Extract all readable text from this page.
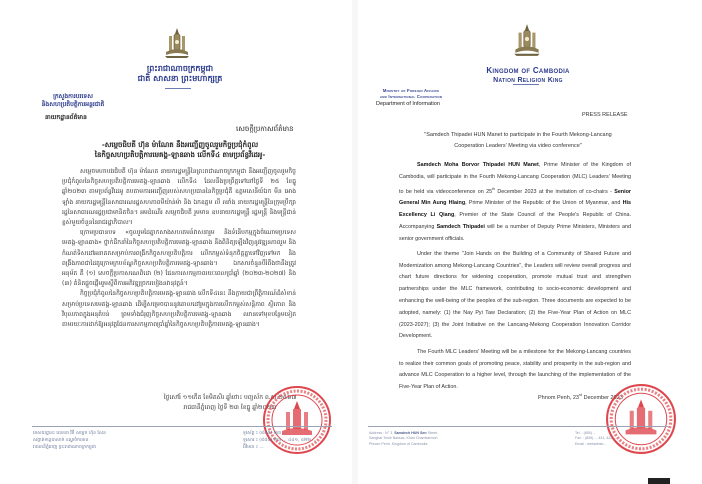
ព្រះរាជាណាចក្រកម្ពុជា
ជាតិ សាសនា ព្រះមហាក្សត្រ
ក្រសួងការបរទេស
និងសហប្រតិបត្តិការអន្តរជាតិ
នាយកដ្ឋានព័ត៌មាន
សេចក្ដីប្រកាសព័ត៌មាន
-សម្ដេចធិបតី ហ៊ុន ម៉ាណែត នឹងអញ្ជើញចូលរួមកិច្ចប្រជុំកំពូល
នៃកិច្ចសហប្រតិបត្តិការមេគង្គ-ឡានឆាង លើកទី៤ តាមប្រព័ន្ធវីដេអូ-

សម្ដេចមហាបវរធិបតី ហ៊ុន ម៉ាណែត នាយករដ្ឋមន្ត្រីនៃព្រះរាជាណាចក្រកម្ពុជា នឹងអញ្ជើញចូលរួមកិច្ចប្រជុំកំពូលនៃកិច្ចសហប្រតិបត្តិការមេគង្គ-ឡានឆាង លើកទី៤ ដែលនឹងប្រព្រឹត្តទៅនៅថ្ងៃទី ២៥ ខែធ្នូ ឆ្នាំ២០២៣ តាមប្រព័ន្ធវីដេអូ តបតាមការអញ្ជើញរបស់សហប្រធាននៃកិច្ចប្រជុំគឺ ឧត្ដមសេនីយ៍ឯក មីន អោងឡាំង នាយករដ្ឋមន្ត្រីនៃសាធារណរដ្ឋសហភាពមីយ៉ាន់ម៉ា និង ឯកឧត្ដម លី ឈាំង នាយករដ្ឋមន្ត្រីនៃក្រុមប្រឹក្សារដ្ឋនៃសាធារណរដ្ឋប្រជាមានិតចិន។ អមដំណើរ សម្ដេចធិបតី រួមមាន ឧបនាយករដ្ឋមន្ត្រី រដ្ឋមន្ត្រី និងមន្ត្រីជាន់ខ្ពស់មួយចំនួននៃរាជរដ្ឋាភិបាល។

ក្រោមប្រធានបទ «ចូលរួមដៃគ្នាកសាងសហគមន៍វាសនារួម និងទំនើបកម្មក្នុងចំណោមប្រទេសមេគង្គ-ឡានឆាង» ថ្នាក់ដឹកនាំនៃកិច្ចសហប្រតិបត្តិការមេគង្គ-ឡានឆាង នឹងពិនិត្យឡើងវិញនូវវឌ្ឍនភាពរួម និងកំណត់ទិសដៅអនាគតសម្រាប់ការពង្រីកកិច្ចសហប្រតិបត្តិការ លើកកម្ពស់ទំនុកចិត្តគ្នាទៅវិញទៅមក និងពង្រឹងភាពជាដៃគូក្រោមក្របខ័ណ្ឌកិច្ចសហប្រតិបត្តិការមេគង្គ-ឡានឆាង។ ឯកសារចំនួនបីរំពឹងថានឹងត្រូវអនុម័ត គឺ (១) សេចក្ដីប្រកាសណេពិដោ (២) ផែនការសកម្មភាពរយៈពេលប្រាំឆ្នាំ (២០២៣-២០២៧) និង (៣) គំនិតផ្ដួចផ្ដើមរួមស្ដីពីការអភិវឌ្ឍច្រករបៀងនវានុវត្តន៍។

កិច្ចប្រជុំកំពូលនៃកិច្ចសហប្រតិបត្តិការមេគង្គ-ឡានឆាង លើកទី៤នេះ នឹងក្លាយជាព្រឹត្តិការណ៍ដ៏សំខាន់សម្រាប់ប្រទេសមេគង្គ-ឡានឆាង ដើម្បីសម្រេចបាននូវគោលដៅរួមក្នុងការលើកកម្ពស់សន្តិភាព ស្ថិរភាព និងវិបុលភាពក្នុងអនុតំបន់ ព្រមទាំងជំរុញកិច្ចសហប្រតិបត្តិការមេគង្គ-ឡានឆាង ឈានទៅមុខបន្ថែមទៀត តាមរយៈការដាក់ឱ្យអនុវត្តផែនការសកម្មភាពប្រាំឆ្នាំនៃកិច្ចសហប្រតិបត្តិការមេគង្គ-ឡានឆាង។

ថ្ងៃសៅរ៍ ១១កើត ខែមិគសិរ ឆ្នាំថោះ បញ្ចស័ក ព.ស.២៥៦៧
រាជធានីភ្នំពេញ ថ្ងៃទី ២៣ ខែធ្នូ ឆ្នាំ២០២៣
អាសយដ្ឋាន៖ លេខ៣ វិថី សម្ដេច ហ៊ុន សែន
សង្កាត់ទន្លេបាសាក់ ខណ្ឌចំការមន
រាជធានីភ្នំពេញ ព្រះរាជាណាចក្រកម្ពុជា
ទូរស័ព្ទ ៖ (៨៥៥) ២៣ ...
ទូរសារ ៖ (៨៥៥) ២៣ ... ៤៤១, ៤២២ ...
អ៊ីមែល ៖ ...
Kingdom of Cambodia
Nation Religion King
Ministry of Foreign Affairs
and International Cooperation
Department of Information
PRESS RELEASE
"Samdech Thipadei HUN Manet to participate in the Fourth Mekong-Lancang
Cooperation Leaders' Meeting via video conference"

Samdech Moha Borvor Thipadei HUN Manet, Prime Minister of the Kingdom of Cambodia, will participate in the Fourth Mekong-Lancang Cooperation (MLC) Leaders' Meeting to be held via videoconference on 25th December 2023 at the invitation of co-chairs - Senior General Min Aung Hlaing, Prime Minister of the Republic of the Union of Myanmar, and His Excellency Li Qiang, Premier of the State Council of the People's Republic of China. Accompanying Samdech Thipadei will be a number of Deputy Prime Ministers, Ministers and senior government officials.

Under the theme "Join Hands on the Building of a Community of Shared Future and Modernization among Mekong-Lancang Countries", the Leaders will review overall progress and chart future directions for widening cooperation, promote mutual trust and strengthen partnerships under the MLC framework, contributing to socio-economic development and enhancing the well-being of the peoples of the sub-region. Three documents are expected to be adopted, namely: (1) the Nay Pyi Taw Declaration; (2) the Five-Year Plan of Action on MLC (2023-2027); (3) the Joint Initiative on the Lancang-Mekong Cooperation Innovation Corridor Development.

The Fourth MLC Leaders' Meeting will be a milestone for the Mekong-Lancang countries to realize their common goals of promoting peace, stability and prosperity in the sub-region and advance MLC Cooperation to a higher level, through the launching of the implementation of the Five-Year Plan of Action.

Phnom Penh, 23rd December 2023
Address : N° 3, Samdech HUN Sen Street,
Sangkat Tonle Bassac, Khan Chamkarmon
Phnom Penh, Kingdom of Cambodia
Tel. : (855) ...
Fax. : (855) ... 441, 422 ...
Email : webadmin...
